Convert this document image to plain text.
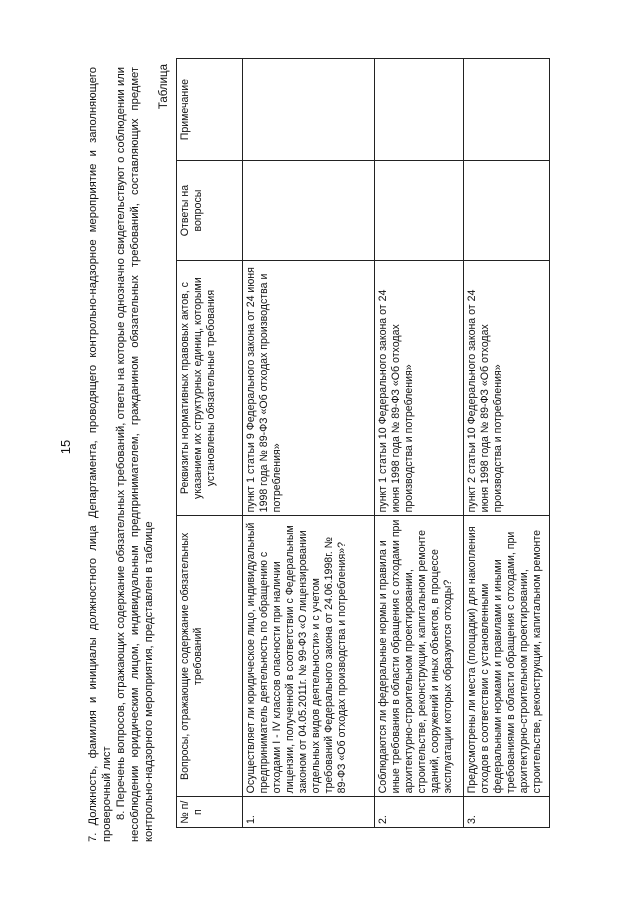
15 7. Должность, фамилия и инициалы должностного лица Департамента, проводящего контрольно-надзорное мероприятие и заполняющего проверочный лист 8. Перечень вопросов, отражающих содержание обязательных требований, ответы на которые однозначно свидетельствуют о соблюдении или несоблюдении юридическим лицом, индивидуальным предпринимателем, гражданином обязательных требований, составляющих предмет контрольно-надзорного мероприятия, представлен в таблице
Таблица
№ п/п	Вопросы, отражающие содержание обязательных требований	Реквизиты нормативных правовых актов, с указанием их структурных единиц, которыми установлены обязательные требования	Ответы на вопросы	Примечание
1.	Осуществляет ли юридическое лицо, индивидуальный предприниматель деятельность по обращению с отходами I - IV классов опасности при наличии лицензии, полученной в соответствии с Федеральным законом от 04.05.2011г. № 99-ФЗ «О лицензировании отдельных видов деятельности» и с учетом требований Федерального закона от 24.06.1998г. № 89-ФЗ «Об отходах производства и потребления»?	пункт 1 статьи 9 Федерального закона от 24 июня 1998 года № 89-ФЗ «Об отходах производства и потребления»		
2.	Соблюдаются ли федеральные нормы и правила и иные требования в области обращения с отходами при архитектурно-строительном проектировании, строительстве, реконструкции, капитальном ремонте зданий, сооружений и иных объектов, в процессе эксплуатации которых образуются отходы?	пункт 1 статьи 10 Федерального закона от 24 июня 1998 года № 89-ФЗ «Об отходах производства и потребления»		
3.	Предусмотрены ли места (площадки) для накопления отходов в соответствии с установленными федеральными нормами и правилами и иными требованиями в области обращения с отходами, при архитектурно-строительном проектировании, строительстве, реконструкции, капитальном ремонте	пункт 2 статьи 10 Федерального закона от 24 июня 1998 года № 89-ФЗ «Об отходах производства и потребления»		
